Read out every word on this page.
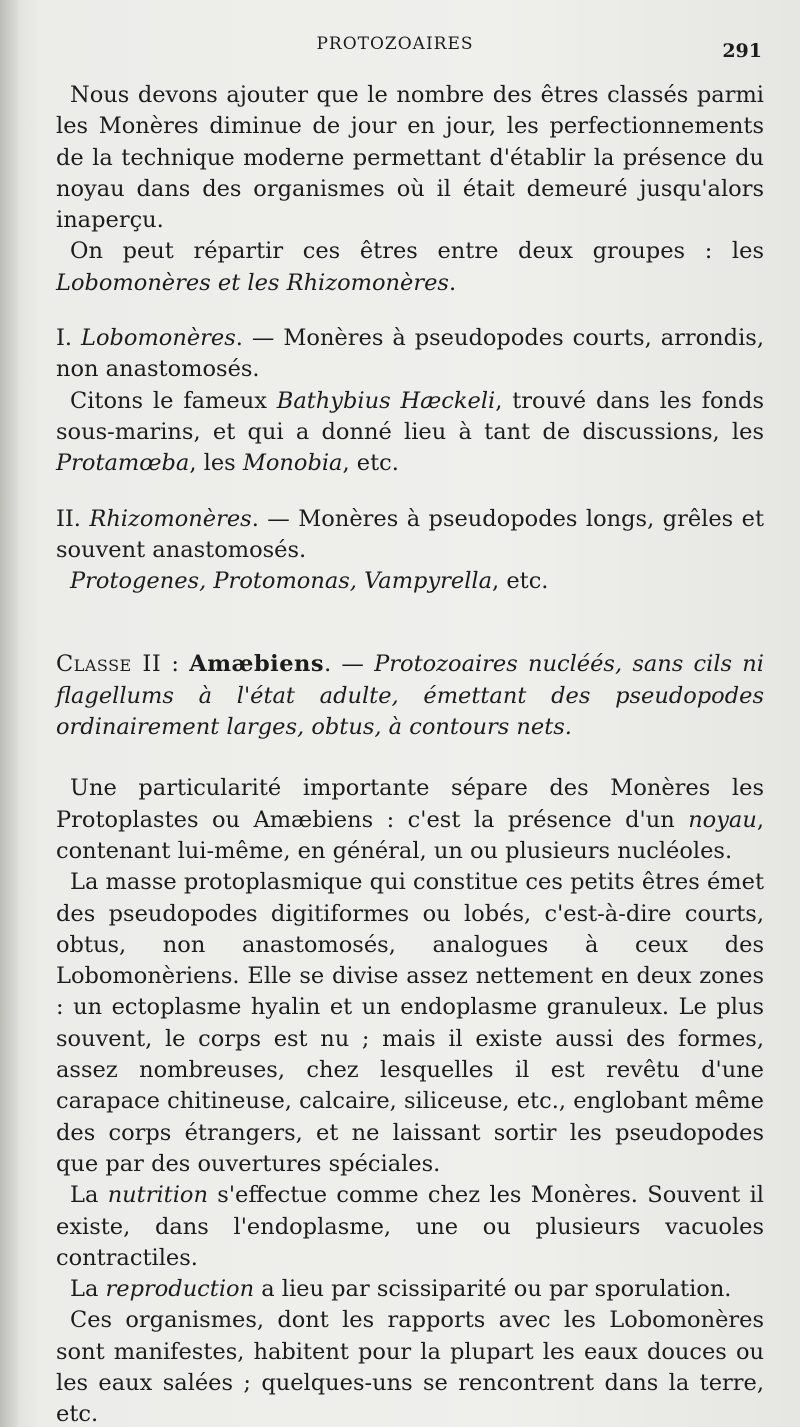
PROTOZOAIRES	291

Nous devons ajouter que le nombre des êtres classés parmi les Monères diminue de jour en jour, les perfectionnements de la technique moderne permettant d'établir la présence du noyau dans des organismes où il était demeuré jusqu'alors inaperçu.

On peut répartir ces êtres entre deux groupes : les Lobomonères et les Rhizomonères.

I. Lobomonères. — Monères à pseudopodes courts, arrondis, non anastomosés.

Citons le fameux Bathybius Hæckeli, trouvé dans les fonds sous-marins, et qui a donné lieu à tant de discussions, les Protamœba, les Monobia, etc.

II. Rhizomonères. — Monères à pseudopodes longs, grêles et souvent anastomosés.

Protogenes, Protomonas, Vampyrella, etc.

Classe II : Amæbiens. — Protozoaires nucléés, sans cils ni flagellums à l'état adulte, émettant des pseudopodes ordinairement larges, obtus, à contours nets.

Une particularité importante sépare des Monères les Protoplastes ou Amæbiens : c'est la présence d'un noyau, contenant lui-même, en général, un ou plusieurs nucléoles.

La masse protoplasmique qui constitue ces petits êtres émet des pseudopodes digitiformes ou lobés, c'est-à-dire courts, obtus, non anastomosés, analogues à ceux des Lobomonèriens. Elle se divise assez nettement en deux zones : un ectoplasme hyalin et un endoplasme granuleux. Le plus souvent, le corps est nu ; mais il existe aussi des formes, assez nombreuses, chez lesquelles il est revêtu d'une carapace chitineuse, calcaire, siliceuse, etc., englobant même des corps étrangers, et ne laissant sortir les pseudopodes que par des ouvertures spéciales.

La nutrition s'effectue comme chez les Monères. Souvent il existe, dans l'endoplasme, une ou plusieurs vacuoles contractiles.

La reproduction a lieu par scissiparité ou par sporulation.

Ces organismes, dont les rapports avec les Lobomonères sont manifestes, habitent pour la plupart les eaux douces ou les eaux salées ; quelques-uns se rencontrent dans la terre, etc.
